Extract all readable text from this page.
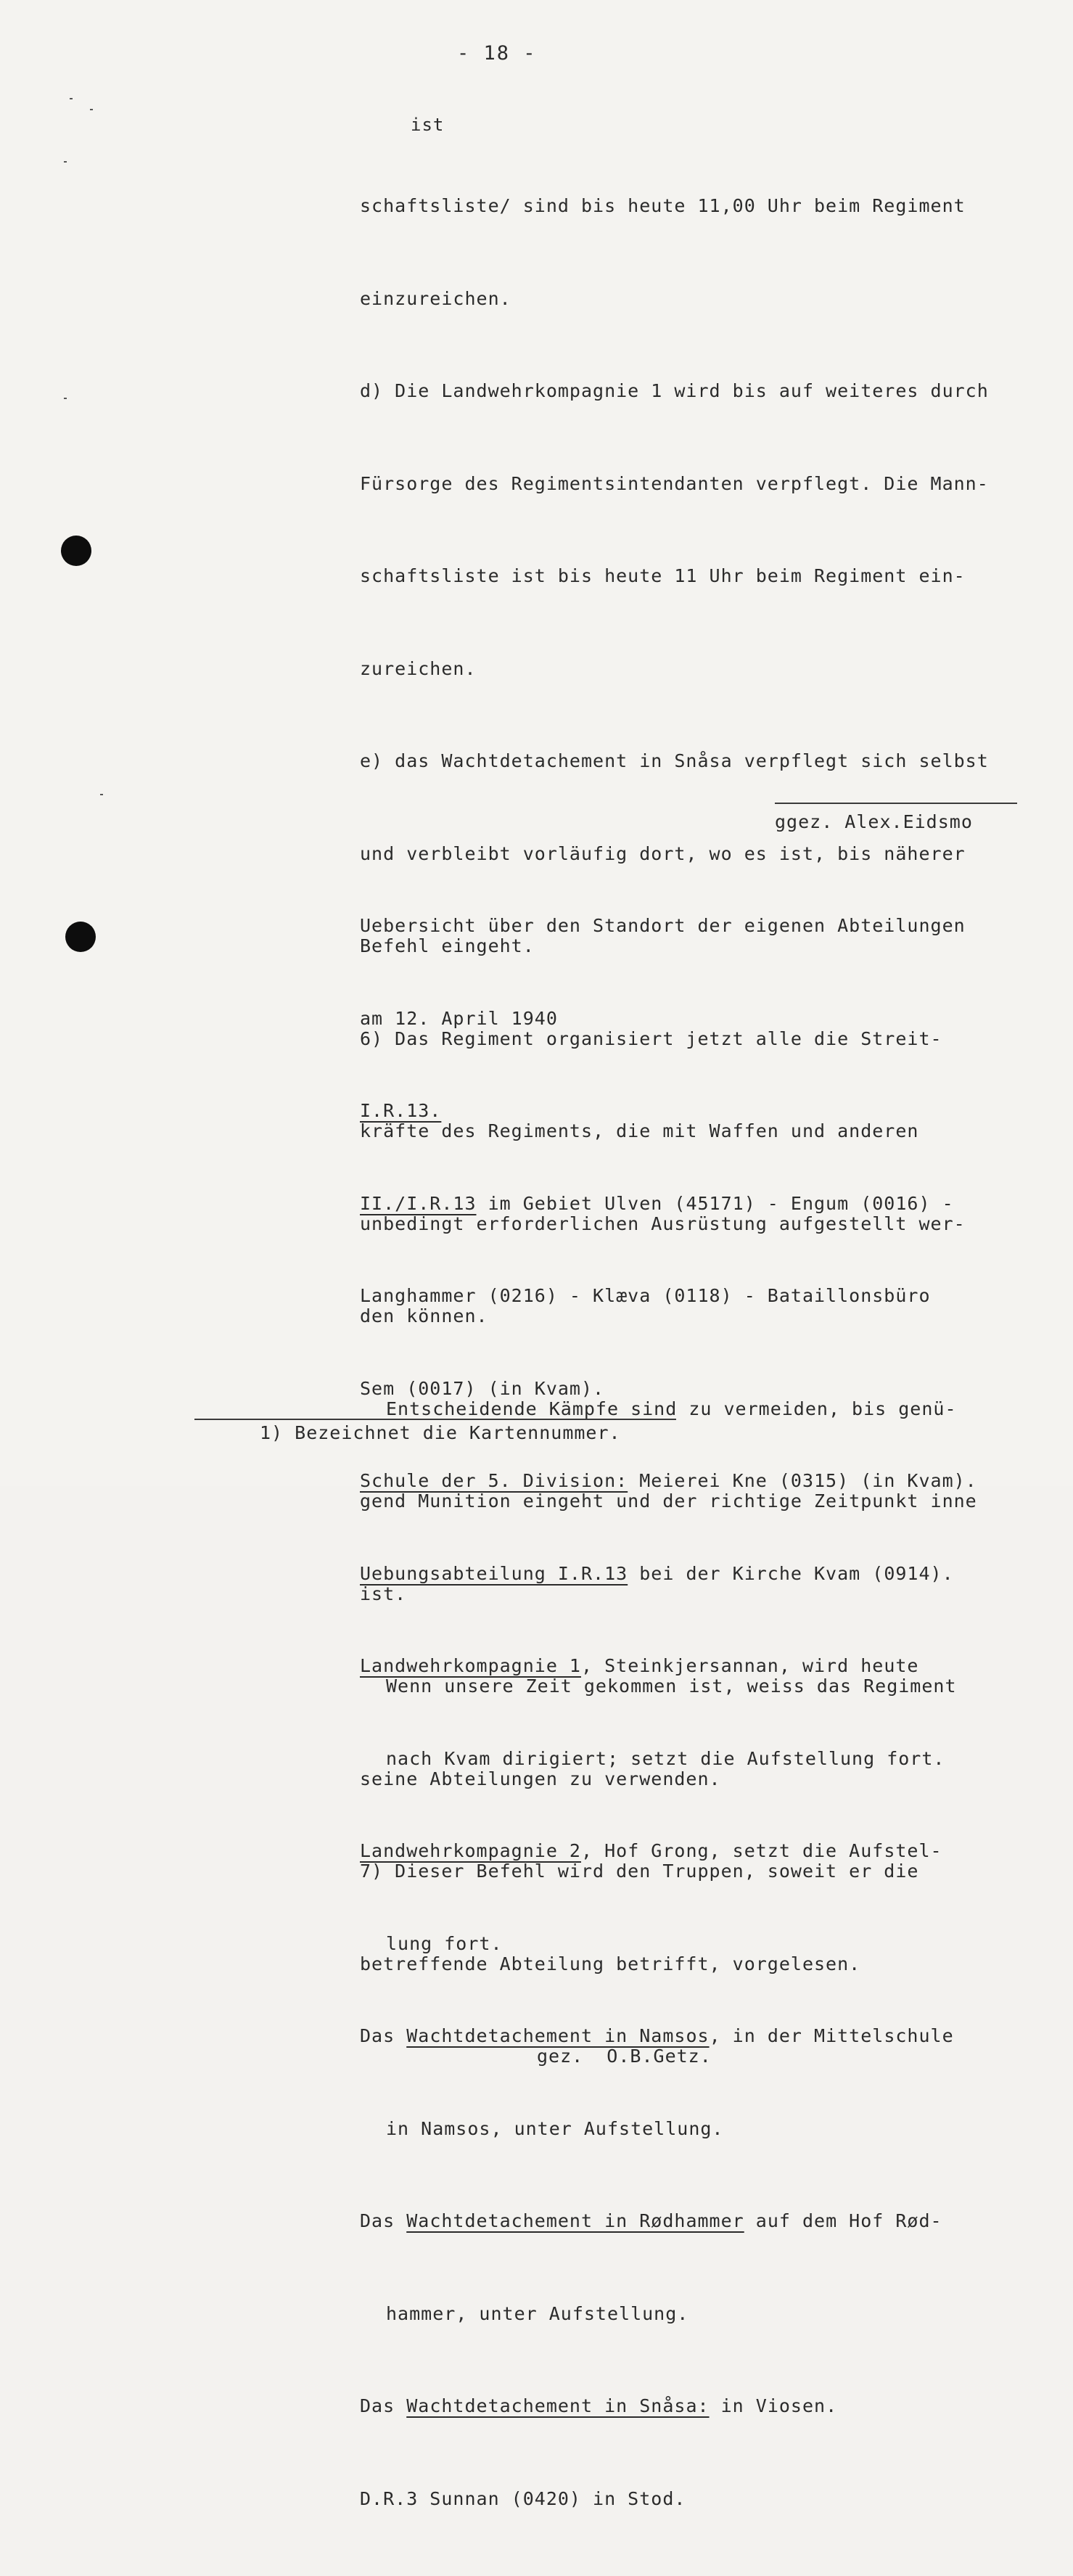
- 18 -
ist

schaftsliste/ sind bis heute 11,00 Uhr beim Regiment

einzureichen.

d) Die Landwehrkompagnie 1 wird bis auf weiteres durch

Fürsorge des Regimentsintendanten verpflegt. Die Mann-

schaftsliste ist bis heute 11 Uhr beim Regiment ein-

zureichen.

e) das Wachtdetachement in Snåsa verpflegt sich selbst

und verbleibt vorläufig dort, wo es ist, bis näherer

Befehl eingeht.

6) Das Regiment organisiert jetzt alle die Streit-

kräfte des Regiments, die mit Waffen und anderen

unbedingt erforderlichen Ausrüstung aufgestellt wer-

den können.

Entscheidende Kämpfe sind zu vermeiden, bis genü-

gend Munition eingeht und der richtige Zeitpunkt inne

ist.

Wenn unsere Zeit gekommen ist, weiss das Regiment

seine Abteilungen zu verwenden.

7) Dieser Befehl wird den Truppen, soweit er die

betreffende Abteilung betrifft, vorgelesen.

gez.  O.B.Getz.

ggez. Alex.Eidsmo

Uebersicht über den Standort der eigenen Abteilungen

am 12. April 1940

I.R.13.

II./I.R.13 im Gebiet Ulven (45171) - Engum (0016) -

Langhammer (0216) - Klæva (0118) - Bataillonsbüro

Sem (0017) (in Kvam).

Schule der 5. Division: Meierei Kne (0315) (in Kvam).

Uebungsabteilung I.R.13 bei der Kirche Kvam (0914).

Landwehrkompagnie 1, Steinkjersannan, wird heute

nach Kvam dirigiert; setzt die Aufstellung fort.

Landwehrkompagnie 2, Hof Grong, setzt die Aufstel-

lung fort.

Das Wachtdetachement in Namsos, in der Mittelschule

in Namsos, unter Aufstellung.

Das Wachtdetachement in Rødhammer auf dem Hof Rød-

hammer, unter Aufstellung.

Das Wachtdetachement in Snåsa: in Viosen.

D.R.3 Sunnan (0420) in Stod.

1) Bezeichnet die Kartennummer.
